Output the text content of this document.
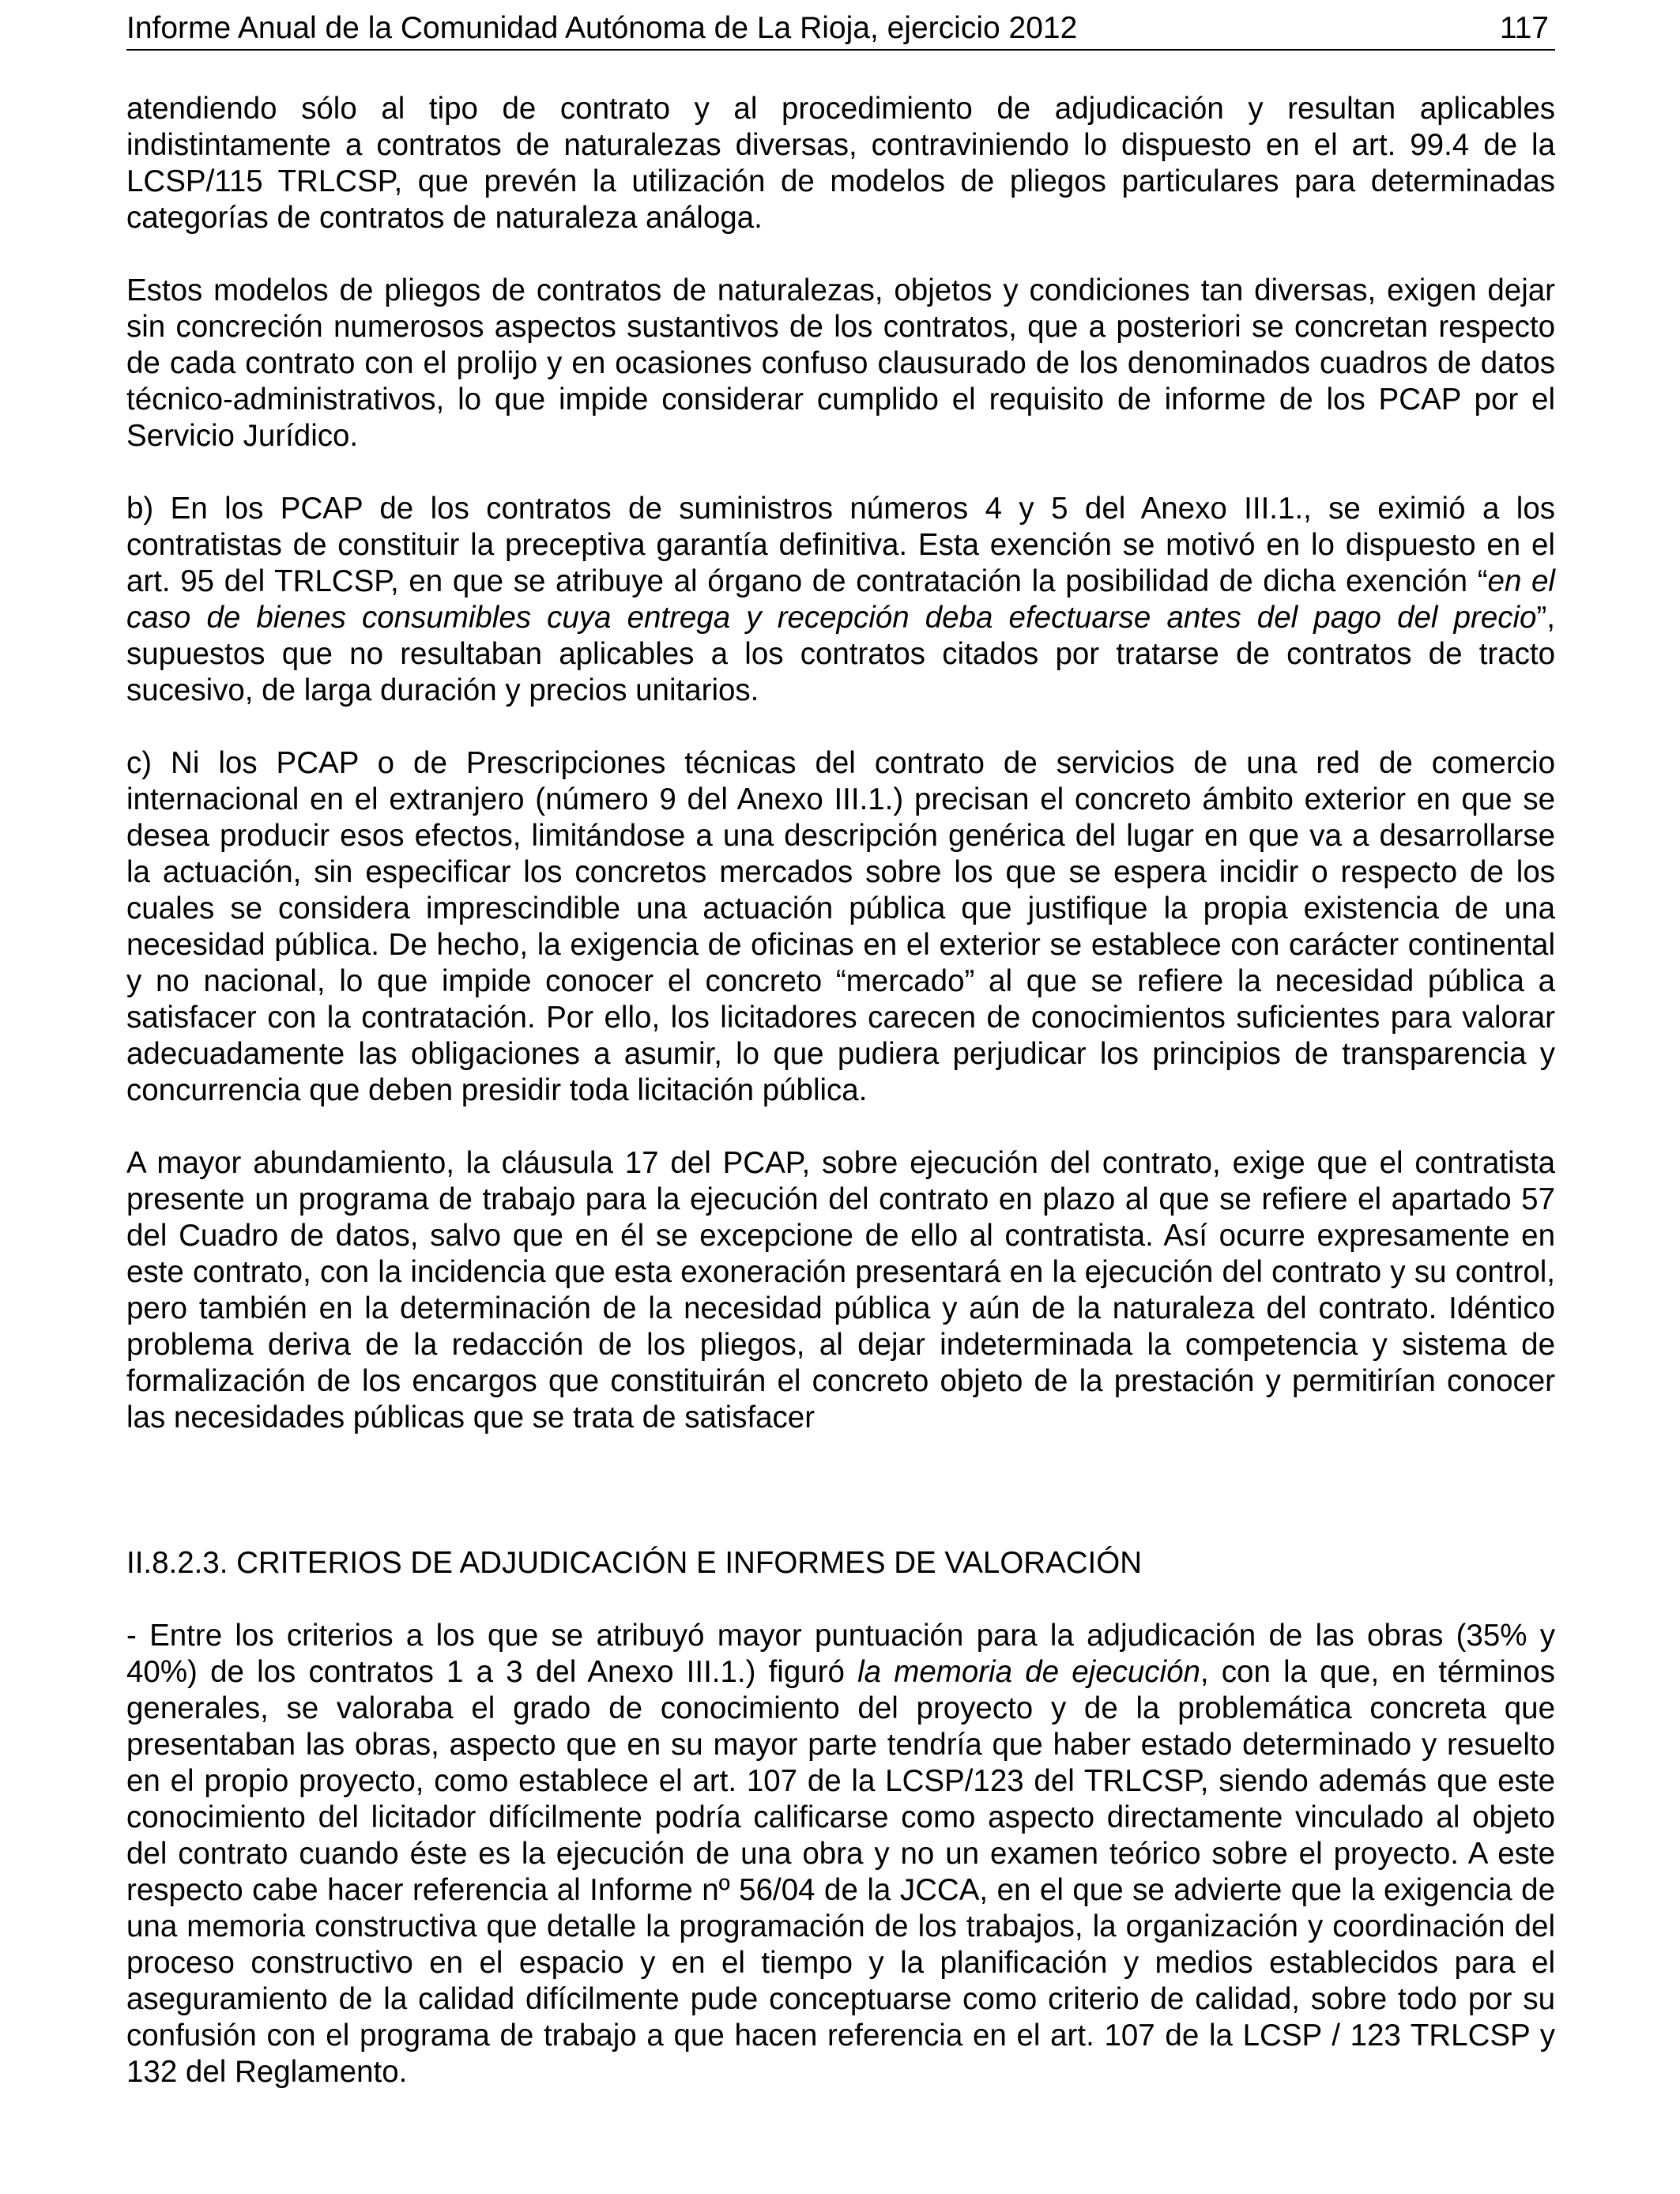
Informe Anual de la Comunidad Autónoma de La Rioja, ejercicio 2012	117

atendiendo sólo al tipo de contrato y al procedimiento de adjudicación y resultan aplicables indistintamente a contratos de naturalezas diversas, contraviniendo lo dispuesto en el art. 99.4 de la LCSP/115 TRLCSP, que prevén la utilización de modelos de pliegos particulares para determinadas categorías de contratos de naturaleza análoga.

Estos modelos de pliegos de contratos de naturalezas, objetos y condiciones tan diversas, exigen dejar sin concreción numerosos aspectos sustantivos de los contratos, que a posteriori se concretan respecto de cada contrato con el prolijo y en ocasiones confuso clausurado de los denominados cuadros de datos técnico-administrativos, lo que impide considerar cumplido el requisito de informe de los PCAP por el Servicio Jurídico.

b) En los PCAP de los contratos de suministros números 4 y 5 del Anexo III.1., se eximió a los contratistas de constituir la preceptiva garantía definitiva. Esta exención se motivó en lo dispuesto en el art. 95 del TRLCSP, en que se atribuye al órgano de contratación la posibilidad de dicha exención “en el caso de bienes consumibles cuya entrega y recepción deba efectuarse antes del pago del precio”, supuestos que no resultaban aplicables a los contratos citados por tratarse de contratos de tracto sucesivo, de larga duración y precios unitarios.

c) Ni los PCAP o de Prescripciones técnicas del contrato de servicios de una red de comercio internacional en el extranjero (número 9 del Anexo III.1.) precisan el concreto ámbito exterior en que se desea producir esos efectos, limitándose a una descripción genérica del lugar en que va a desarrollarse la actuación, sin especificar los concretos mercados sobre los que se espera incidir o respecto de los cuales se considera imprescindible una actuación pública que justifique la propia existencia de una necesidad pública. De hecho, la exigencia de oficinas en el exterior se establece con carácter continental y no nacional, lo que impide conocer el concreto “mercado” al que se refiere la necesidad pública a satisfacer con la contratación. Por ello, los licitadores carecen de conocimientos suficientes para valorar adecuadamente las obligaciones a asumir, lo que pudiera perjudicar los principios de transparencia y concurrencia que deben presidir toda licitación pública.

A mayor abundamiento, la cláusula 17 del PCAP, sobre ejecución del contrato, exige que el contratista presente un programa de trabajo para la ejecución del contrato en plazo al que se refiere el apartado 57 del Cuadro de datos, salvo que en él se excepcione de ello al contratista. Así ocurre expresamente en este contrato, con la incidencia que esta exoneración presentará en la ejecución del contrato y su control, pero también en la determinación de la necesidad pública y aún de la naturaleza del contrato. Idéntico problema deriva de la redacción de los pliegos, al dejar indeterminada la competencia y sistema de formalización de los encargos que constituirán el concreto objeto de la prestación y permitirían conocer las necesidades públicas que se trata de satisfacer

II.8.2.3. CRITERIOS DE ADJUDICACIÓN E INFORMES DE VALORACIÓN

- Entre los criterios a los que se atribuyó mayor puntuación para la adjudicación de las obras (35% y 40%) de los contratos 1 a 3 del Anexo III.1.) figuró la memoria de ejecución, con la que, en términos generales, se valoraba el grado de conocimiento del proyecto y de la problemática concreta que presentaban las obras, aspecto que en su mayor parte tendría que haber estado determinado y resuelto en el propio proyecto, como establece el art. 107 de la LCSP/123 del TRLCSP, siendo además que este conocimiento del licitador difícilmente podría calificarse como aspecto directamente vinculado al objeto del contrato cuando éste es la ejecución de una obra y no un examen teórico sobre el proyecto. A este respecto cabe hacer referencia al Informe nº 56/04 de la JCCA, en el que se advierte que la exigencia de una memoria constructiva que detalle la programación de los trabajos, la organización y coordinación del proceso constructivo en el espacio y en el tiempo y la planificación y medios establecidos para el aseguramiento de la calidad difícilmente pude conceptuarse como criterio de calidad, sobre todo por su confusión con el programa de trabajo a que hacen referencia en el art. 107 de la LCSP / 123 TRLCSP y 132 del Reglamento.
